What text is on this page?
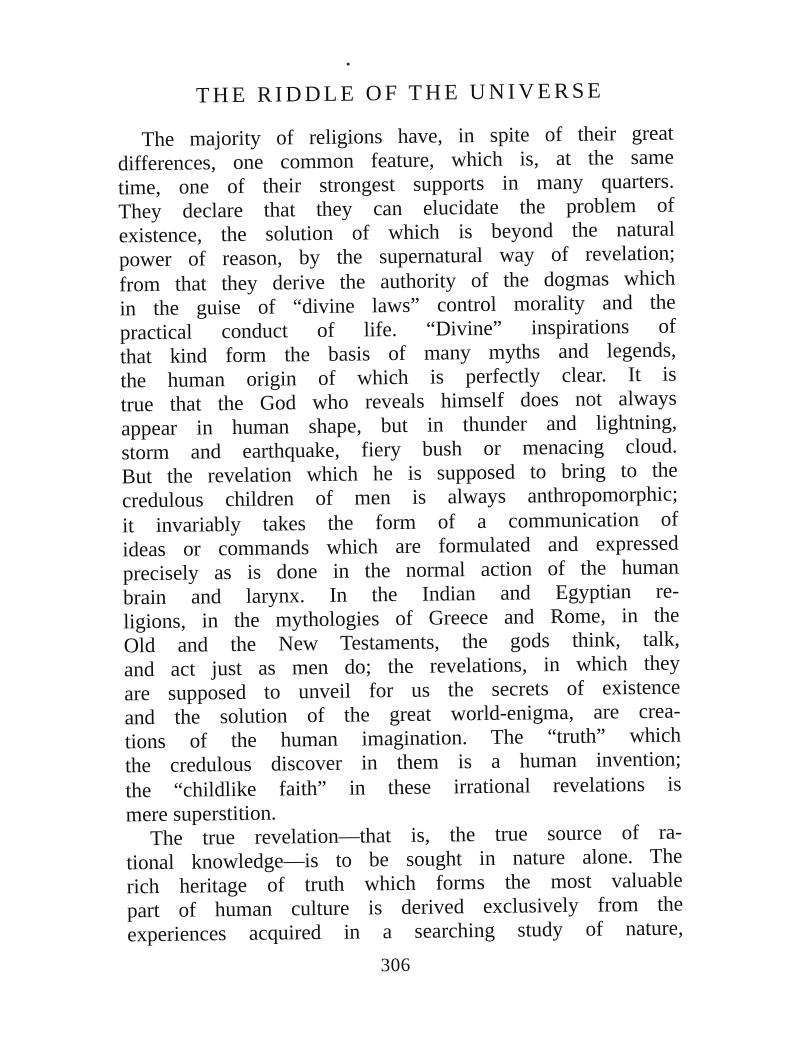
THE RIDDLE OF THE UNIVERSE
The majority of religions have, in spite of their great
differences, one common feature, which is, at the same
time, one of their strongest supports in many quarters.
They declare that they can elucidate the problem of
existence, the solution of which is beyond the natural
power of reason, by the supernatural way of revelation;
from that they derive the authority of the dogmas which
in the guise of “divine laws” control morality and the
practical conduct of life. “Divine” inspirations of
that kind form the basis of many myths and legends,
the human origin of which is perfectly clear. It is
true that the God who reveals himself does not always
appear in human shape, but in thunder and lightning,
storm and earthquake, fiery bush or menacing cloud.
But the revelation which he is supposed to bring to the
credulous children of men is always anthropomorphic;
it invariably takes the form of a communication of
ideas or commands which are formulated and expressed
precisely as is done in the normal action of the human
brain and larynx. In the Indian and Egyptian re-
ligions, in the mythologies of Greece and Rome, in the
Old and the New Testaments, the gods think, talk,
and act just as men do; the revelations, in which they
are supposed to unveil for us the secrets of existence
and the solution of the great world-enigma, are crea-
tions of the human imagination. The “truth” which
the credulous discover in them is a human invention;
the “childlike faith” in these irrational revelations is
mere superstition.
The true revelation—that is, the true source of ra-
tional knowledge—is to be sought in nature alone. The
rich heritage of truth which forms the most valuable
part of human culture is derived exclusively from the
experiences acquired in a searching study of nature,
306
